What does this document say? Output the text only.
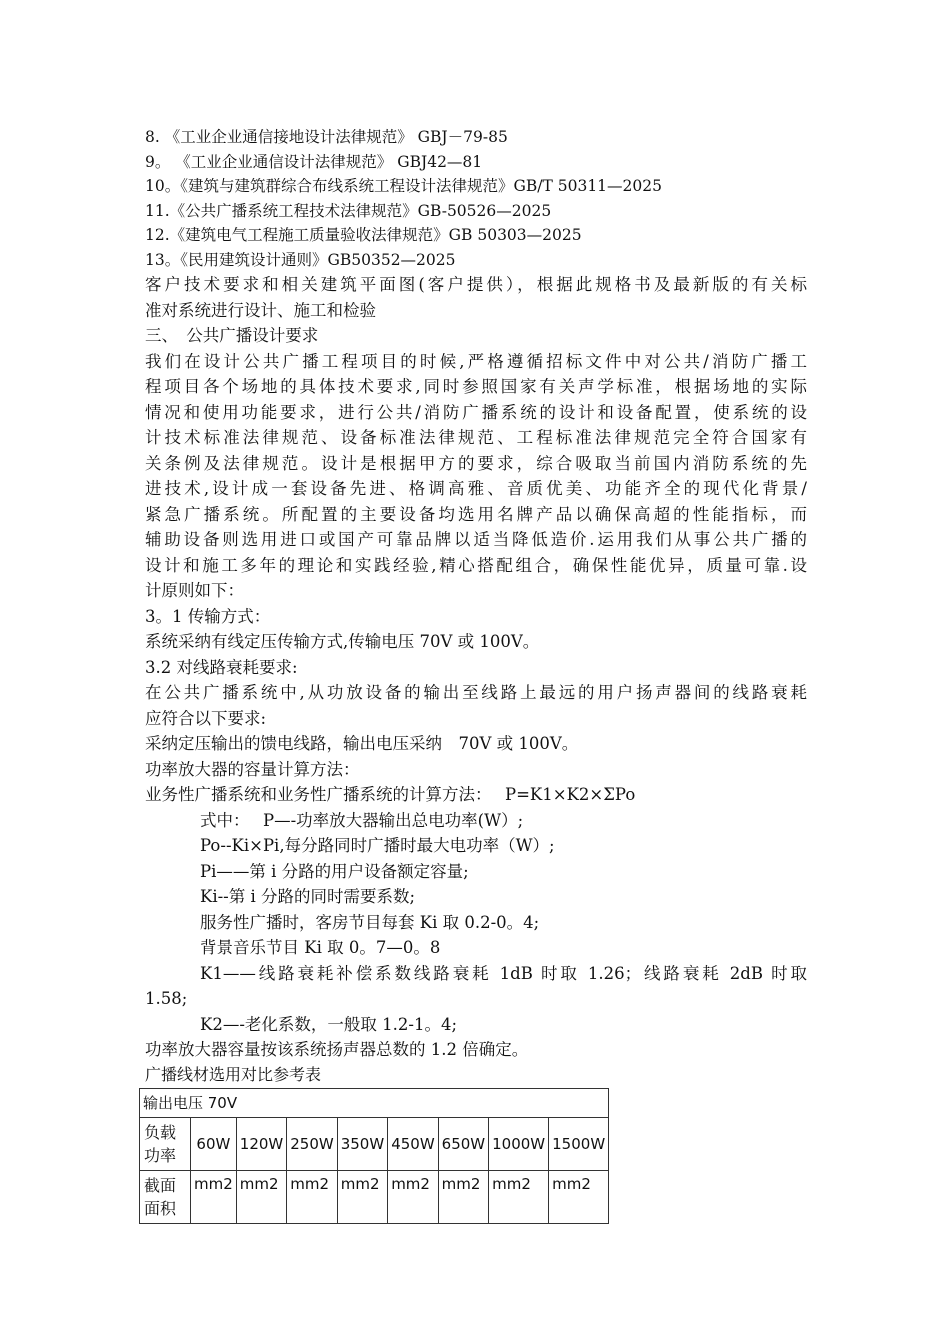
8. 《工业企业通信接地设计法律规范》 GBJ－79-85
9。 《工业企业通信设计法律规范》 GBJ42—81
10。《建筑与建筑群综合布线系统工程设计法律规范》GB/T 50311—2025
11.《公共广播系统工程技术法律规范》GB-50526—2025
12.《建筑电气工程施工质量验收法律规范》GB 50303—2025
13。《民用建筑设计通则》GB50352—2025
客户技术要求和相关建筑平面图(客户提供），根据此规格书及最新版的有关标
准对系统进行设计、施工和检验
三、　公共广播设计要求
我们在设计公共广播工程项目的时候,严格遵循招标文件中对公共/消防广播工
程项目各个场地的具体技术要求,同时参照国家有关声学标准，根据场地的实际
情况和使用功能要求，进行公共/消防广播系统的设计和设备配置，使系统的设
计技术标准法律规范、设备标准法律规范、工程标准法律规范完全符合国家有
关条例及法律规范。设计是根据甲方的要求，综合吸取当前国内消防系统的先
进技术,设计成一套设备先进、格调高雅、音质优美、功能齐全的现代化背景/
紧急广播系统。所配置的主要设备均选用名牌产品以确保高超的性能指标，而
辅助设备则选用进口或国产可靠品牌以适当降低造价.运用我们从事公共广播的
设计和施工多年的理论和实践经验,精心搭配组合，确保性能优异，质量可靠.设
计原则如下：
3。1 传输方式：
系统采纳有线定压传输方式,传输电压 70V 或 100V。
3.2 对线路衰耗要求:
在公共广播系统中,从功放设备的输出至线路上最远的用户扬声器间的线路衰耗
应符合以下要求:
采纳定压输出的馈电线路，输出电压采纳　70V 或 100V。
功率放大器的容量计算方法：
业务性广播系统和业务性广播系统的计算方法：　 P=K1×K2×ΣPo
式中：　 P—-功率放大器输出总电功率(W）;
Po--Ki×Pi,每分路同时广播时最大电功率（W）;
Pi——第 i 分路的用户设备额定容量;
Ki--第 i 分路的同时需要系数;
服务性广播时，客房节目每套 Ki 取 0.2-0。4;
背景音乐节目 Ki 取 0。7—0。8
K1——线路衰耗补偿系数线路衰耗 1dB 时取 1.26；线路衰耗 2dB 时取
1.58;
K2—-老化系数，一般取 1.2-1。4;
功率放大器容量按该系统扬声器总数的 1.2 倍确定。
广播线材选用对比参考表
输出电压 70V								
负载功率	60W	120W	250W	350W	450W	650W	1000W	1500W
截面面积	mm2	mm2	mm2	mm2	mm2	mm2	mm2	mm2
